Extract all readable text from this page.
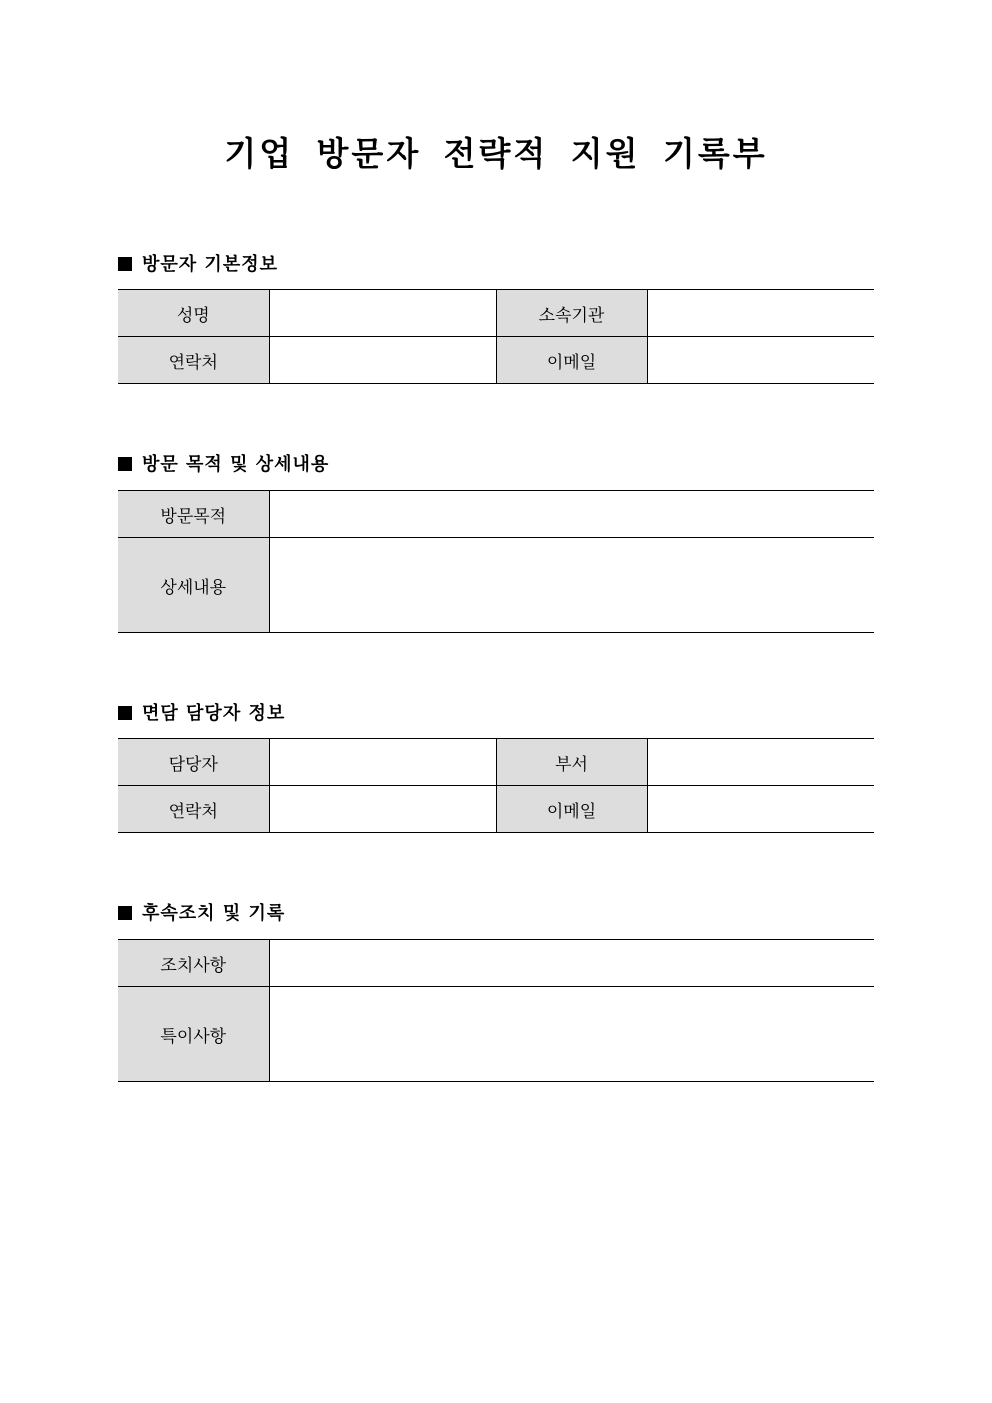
기업 방문자 전략적 지원 기록부
방문자 기본정보
성명		소속기관	
연락처		이메일	
방문 목적 및 상세내용
방문목적	
상세내용	
면담 담당자 정보
담당자		부서	
연락처		이메일	
후속조치 및 기록
조치사항	
특이사항	
